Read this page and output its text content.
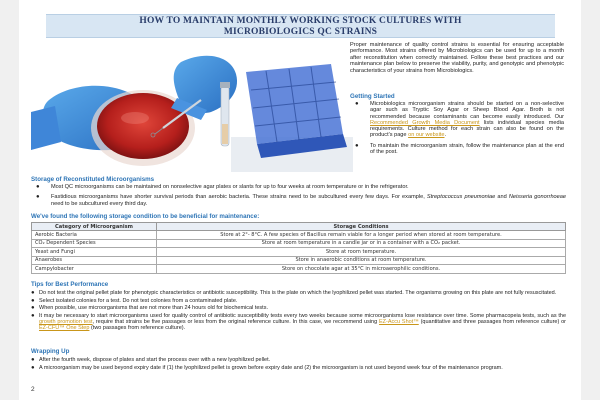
HOW TO MAINTAIN MONTHLY WORKING STOCK CULTURES WITH
MICROBIOLOGICS QC STRAINS

Proper maintenance of quality control strains is essential for ensuring acceptable performance. Most strains offered by Microbiologics can be used for up to a month after reconstitution when correctly maintained. Follow these best practices and our maintenance plan below to preserve the viability, purity, and genotypic and phenotypic characteristics of your strains from Microbiologics.

Getting Started
● Microbiologics microorganism strains should be started on a non-selective agar such as Tryptic Soy Agar or Sheep Blood Agar. Broth is not recommended because contaminants can become easily introduced. Our Recommended Growth Media Document lists individual species media requirements. Culture method for each strain can also be found on the product's page on our website.
● To maintain the microorganism strain, follow the maintenance plan at the end of the post.
Storage of Reconstituted Microorganisms
● Most QC microorganisms can be maintained on nonselective agar plates or slants for up to four weeks at room temperature or in the refrigerator.
● Fastidious microorganisms have shorter survival periods than aerobic bacteria. These strains need to be subcultured every few days. For example, Streptococcus pneumoniae and Neisseria gonorrhoeae need to be subcultured every third day.
We've found the following storage condition to be beneficial for maintenance:
Category of Microorganism	Storage Conditions
Aerobic Bacteria	Store at 2°- 8°C. A few species of Bacillus remain viable for a longer period when stored at room temperature.
CO₂ Dependent Species	Store at room temperature in a candle jar or in a container with a CO₂ packet.
Yeast and Fungi	Store at room temperature.
Anaerobes	Store in anaerobic conditions at room temperature.
Campylobacter	Store on chocolate agar at 35°C in microaerophilic conditions.
Tips for Best Performance
● Do not test the original pellet plate for phenotypic characteristics or antibiotic susceptibility. This is the plate on which the lyophilized pellet was started. The organisms growing on this plate are not fully resuscitated.
● Select isolated colonies for a test. Do not test colonies from a contaminated plate.
● When possible, use microorganisms that are not more than 24 hours old for biochemical tests.
● It may be necessary to start microorganisms used for quality control of antibiotic susceptibility tests every two weeks because some microorganisms lose resistance over time. Some pharmacopeia tests, such as the growth promotion test, require that strains be five passages or less from the original reference culture. In this case, we recommend using EZ-Accu Shot™ (quantitative and three passages from reference culture) or EZ-CFU™ One Step (two passages from reference culture).
Wrapping Up
● After the fourth week, dispose of plates and start the process over with a new lyophilized pellet.
● A microorganism may be used beyond expiry date if (1) the lyophilized pellet is grown before expiry date and (2) the microorganism is not used beyond week four of the maintenance program.
2
